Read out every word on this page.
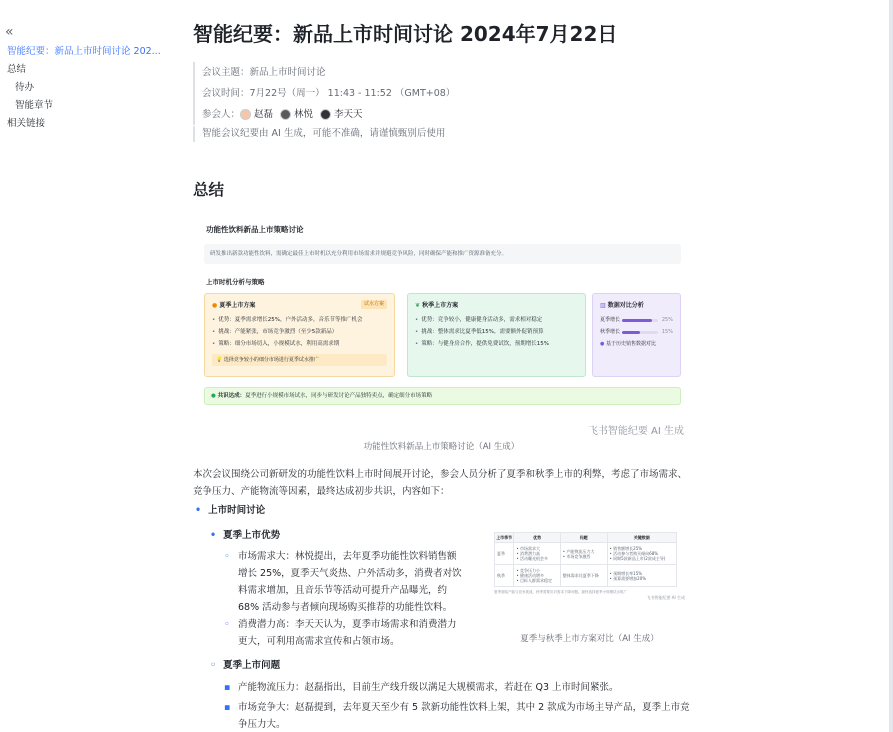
«
智能纪要：新品上市时间讨论 202...
总结
待办
智能章节
相关链接
智能纪要：新品上市时间讨论 2024年7月22日
会议主题：新品上市时间讨论
会议时间：7月22号（周一） 11:43 - 11:52 （GMT+08）
参会人： 赵磊 林悦 李天天
智能会议纪要由 AI 生成，可能不准确，请谨慎甄别后使用
总结
功能性饮料新品上市策略讨论
研发推出新款功能性饮料，需确定最佳上市时机以充分利用市场需求并规避竞争风险，同时确保产能和推广资源准备充分。
上市时机分析与策略
● 夏季上市方案	试水方案
• 优势：夏季需求增长25%，户外活动多，音乐节等推广机会
• 挑战：产能紧张，市场竞争激烈（至少5款新品）
• 策略：细分市场切入，小规模试水，利用高需求期
💡 选择竞争较小的细分市场进行夏季试水推广
❦ 秋季上市方案
• 优势：竞争较小，健康健身活动多，需求相对稳定
• 挑战：整体需求比夏季低15%，需要额外促销预算
• 策略：与健身房合作，提供免费试饮，预期增长15%
▥ 数据对比分析
夏季增长	25%
秋季增长	15%
● 基于历史销售数据对比
● 共识达成：夏季进行小规模市场试水，同步与研发讨论产品独特卖点，确定细分市场策略
飞书智能纪要 AI 生成
功能性饮料新品上市策略讨论（AI 生成）

本次会议围绕公司新研发的功能性饮料上市时间展开讨论，参会人员分析了夏季和秋季上市的利弊，考虑了市场需求、竞争压力、产能物流等因素，最终达成初步共识，内容如下：

• 上市时间讨论
• 夏季上市优势
◦ 市场需求大：林悦提出，去年夏季功能性饮料销售额增长 25%，夏季天气炎热、户外活动多，消费者对饮料需求增加，且音乐节等活动可提升产品曝光，约 68% 活动参与者倾向现场购买推荐的功能性饮料。
◦ 消费潜力高：李天天认为，夏季市场需求和消费潜力更大，可利用高需求宣传和占领市场。
◦ 夏季上市问题
▪ 产能物流压力：赵磊指出，目前生产线升级以满足大规模需求，若赶在 Q3 上市时间紧张。
▪ 市场竞争大：赵磊提到，去年夏天至少有 5 款新功能性饮料上架，其中 2 款成为市场主导产品，夏季上市竞争压力大。
上市季节	优势	问题	关键数据
夏季	• 市场需求大
• 消费潜力高
• 活动曝光机会多	• 产能物流压力大
• 市场竞争激烈	• 销售额增长25%
• 活动参与者购买倾向68%
• 同期5款新品上市(2款成主导)
秋季	• 竞争压力小
• 健康活动增多
• 目标人群需求稳定	整体需求比夏季下降	• 预期增长率15%
• 预算需要增加20%
夏季面临产能与竞争挑战，秋季需要应对需求下降问题。最终选择夏季小规模试水推广
飞书智能纪要 AI 生成
夏季与秋季上市方案对比（AI 生成）
